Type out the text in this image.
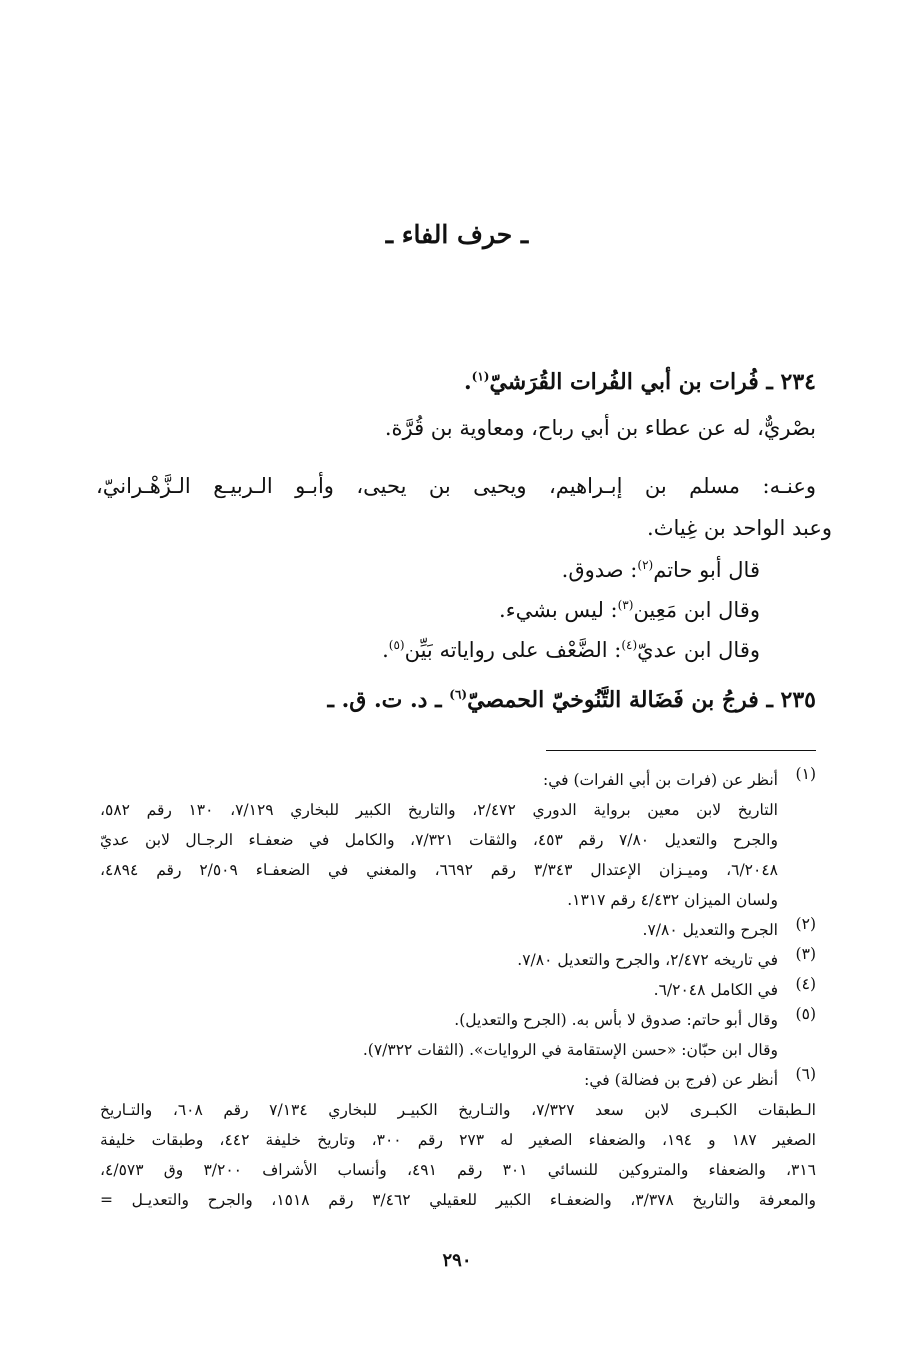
ـ حرف الفاء ـ
٢٣٤ ـ فُرات بن أبي الفُرات القُرَشيّ$^{(١)}$.
بصْريٌّ، له عن عطاء بن أبي رباح، ومعاوية بن قُرَّة.
وعنـه: مسلم بن إبـراهيم، ويحيى بن يحيى، وأبـو الـربيـع الـزَّهْـرانيّ،
وعبد الواحد بن غِياث.
قال أبو حاتم$^{(٢)}$: صدوق.
وقال ابن مَعِين$^{(٣)}$: ليس بشيء.
وقال ابن عديّ$^{(٤)}$: الضَّعْف على رواياته بَيِّن$^{(٥)}$.
٢٣٥ ـ فرجُ بن فَضَالة التَّنُوخيّ الحمصيّ$^{(٦)}$ ـ د. ت. ق. ـ
(١)
أنظر عن (فرات بن أبي الفرات) في:
التاريخ لابن معين برواية الدوري ٢/٤٧٢، والتاريخ الكبير للبخاري ٧/١٢٩، ١٣٠ رقم ٥٨٢،
والجرح والتعديل ٧/٨٠ رقم ٤٥٣، والثقات ٧/٣٢١، والكامل في ضعفـاء الرجـال لابن عديّ
٦/٢٠٤٨، وميـزان الإعتدال ٣/٣٤٣ رقم ٦٦٩٢، والمغني في الضعفـاء ٢/٥٠٩ رقم ٤٨٩٤،
ولسان الميزان ٤/٤٣٢ رقم ١٣١٧.
(٢)
الجرح والتعديل ٧/٨٠.
(٣)
في تاريخه ٢/٤٧٢، والجرح والتعديل ٧/٨٠.
(٤)
في الكامل ٦/٢٠٤٨.
(٥)
وقال أبو حاتم: صدوق لا بأس به. (الجرح والتعديل).
وقال ابن حبّان: «حسن الإستقامة في الروايات». (الثقات ٧/٣٢٢).
(٦)
أنظر عن (فرج بن فضالة) في:
الـطبقات الكبـرى لابن سعد ٧/٣٢٧، والتـاريخ الكبيـر للبخاري ٧/١٣٤ رقم ٦٠٨، والتـاريخ
الصغير ١٨٧ و ١٩٤، والضعفاء الصغير له ٢٧٣ رقم ٣٠٠، وتاريخ خليفة ٤٤٢، وطبقات خليفة
٣١٦، والضعفاء والمتروكين للنسائي ٣٠١ رقم ٤٩١، وأنساب الأشراف ٣/٢٠٠ وق ٤/٥٧٣،
والمعرفة والتاريخ ٣/٣٧٨، والضعفـاء الكبير للعقيلي ٣/٤٦٢ رقم ١٥١٨، والجرح والتعديـل =
٢٩٠
